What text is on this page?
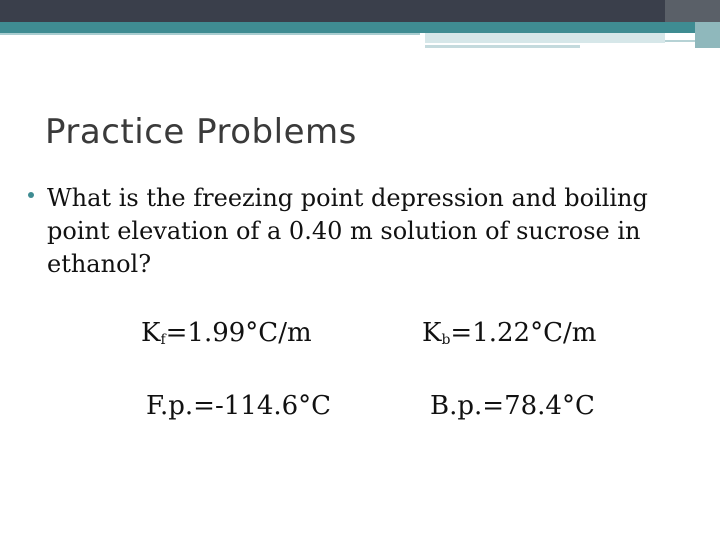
Practice Problems
What is the freezing point depression and boiling point elevation of a 0.40 m solution of sucrose in ethanol?
$K_f=1.99^\circ C/m$	$K_b=1.22^\circ C/m$
F.p.=-114.6°C	B.p.=78.4°C
